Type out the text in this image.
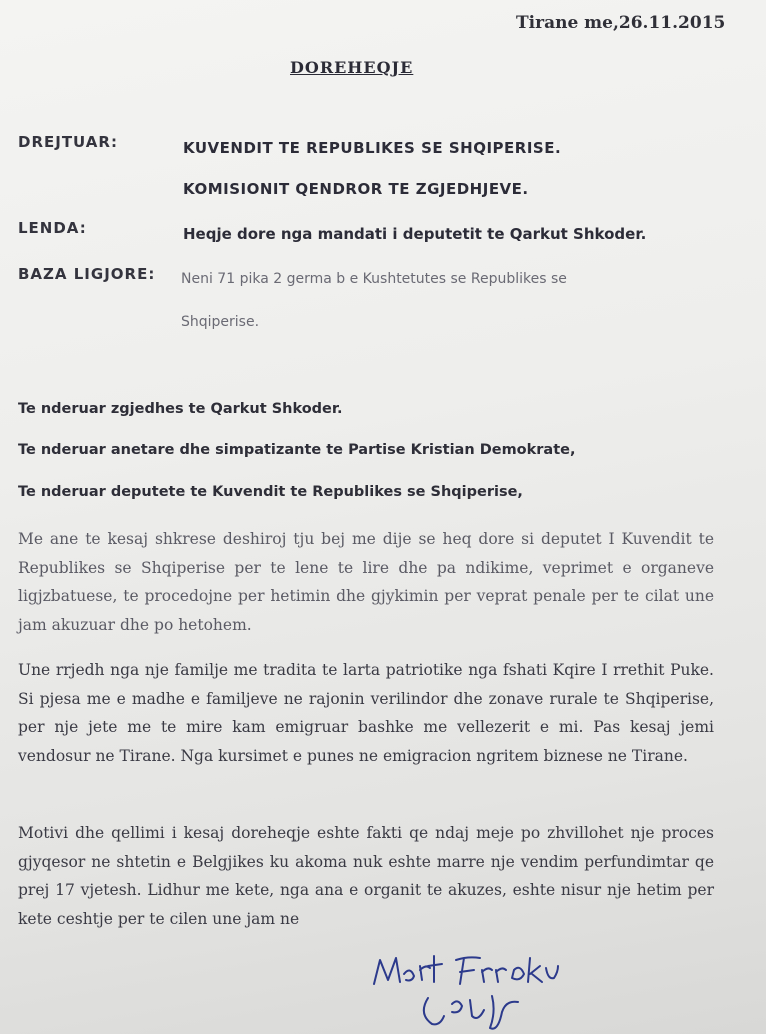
Tirane me,26.11.2015
DOREHEQJE
DREJTUAR:	KUVENDIT TE REPUBLIKES SE SHQIPERISE.
KOMISIONIT QENDROR TE ZGJEDHJEVE.
LENDA:	Heqje dore nga mandati i deputetit te Qarkut Shkoder.
BAZA LIGJORE: Neni 71 pika 2 germa b e Kushtetutes se Republikes se
Shqiperise.
Te nderuar zgjedhes te Qarkut Shkoder.
Te nderuar anetare dhe simpatizante te Partise Kristian Demokrate,
Te nderuar deputete te Kuvendit te Republikes se Shqiperise,
Me ane te kesaj shkrese deshiroj tju bej me dije se heq dore si deputet I Kuvendit te Republikes se Shqiperise per te lene te lire dhe pa ndikime, veprimet e organeve ligjzbatuese, te procedojne per hetimin dhe gjykimin per veprat penale per te cilat une jam akuzuar dhe po hetohem.
Une rrjedh nga nje familje me tradita te larta patriotike nga fshati Kqire I rrethit Puke. Si pjesa me e madhe e familjeve ne rajonin verilindor dhe zonave rurale te Shqiperise, per nje jete me te mire kam emigruar bashke me vellezerit e mi. Pas kesaj jemi vendosur ne Tirane. Nga kursimet e punes ne emigracion ngritem biznese ne Tirane.
Motivi dhe qellimi i kesaj doreheqje eshte fakti qe ndaj meje po zhvillohet nje proces gjyqesor ne shtetin e Belgjikes ku akoma nuk eshte marre nje vendim perfundimtar qe prej 17 vjetesh. Lidhur me kete, nga ana e organit te akuzes, eshte nisur nje hetim per kete ceshtje per te cilen une jam ne
